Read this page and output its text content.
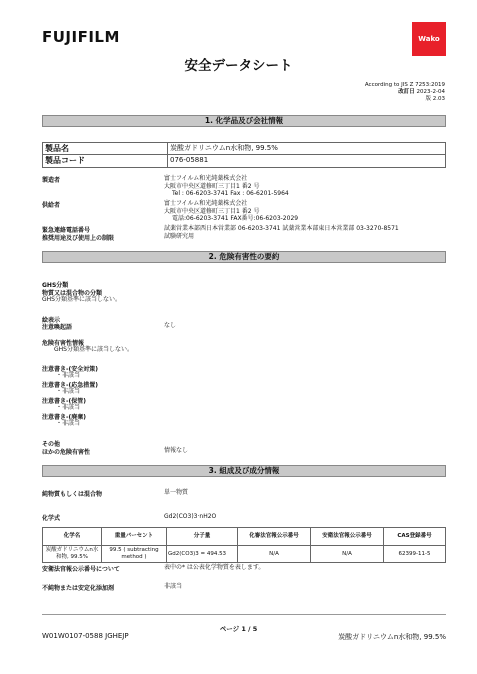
FUJIFILM	Wako
安全データシート
According to JIS Z 7253:2019
改訂日 2023-2-04
版 2.03
1. 化学品及び会社情報
製品名	炭酸ガドリニウムn水和物, 99.5%
製品コード	076-05881
製造者	富士フイルム和光純薬株式会社
大阪市中央区道修町三丁目1 番2 号
Tel : 06-6203-3741 Fax : 06-6201-5964
供給者	富士フイルム和光純薬株式会社
大阪市中央区道修町三丁目1 番2 号
電話:06-6203-3741 FAX番号:06-6203-2029
緊急連絡電話番号	試薬営業本部西日本営業部 06-6203-3741 試薬営業本部東日本営業部 03-3270-8571
推奨用途及び使用上の制限	試験研究用
2. 危険有害性の要約
GHS分類
物質又は混合物の分類
GHS分類基準に該当しない。
絵表示
注意喚起語	なし
危険有害性情報
GHS分類基準に該当しない。
注意書き-(安全対策)
・非該当
注意書き-(応急措置)
・非該当
注意書き-(保管)
・非該当
注意書き-(廃棄)
・非該当
その他
ほかの危険有害性	情報なし
3. 組成及び成分情報
純物質もしくは混合物	単一物質
化学式	Gd2(CO3)3·nH2O
化学名	重量パーセント	分子量	化審法官報公示番号	安衛法官報公示番号	CAS登録番号
炭酸ガドリニウムn水和物, 99.5%	99.5 ( subtracting method )	Gd2(CO3)3 = 494.53	N/A	N/A	62399-11-5
安衛法官報公示番号について	表中の* は公表化学物質を表します。
不純物または安定化添加剤	非該当
ページ 1 / 5
W01W0107-0588 JGHEJP	炭酸ガドリニウムn水和物, 99.5%
